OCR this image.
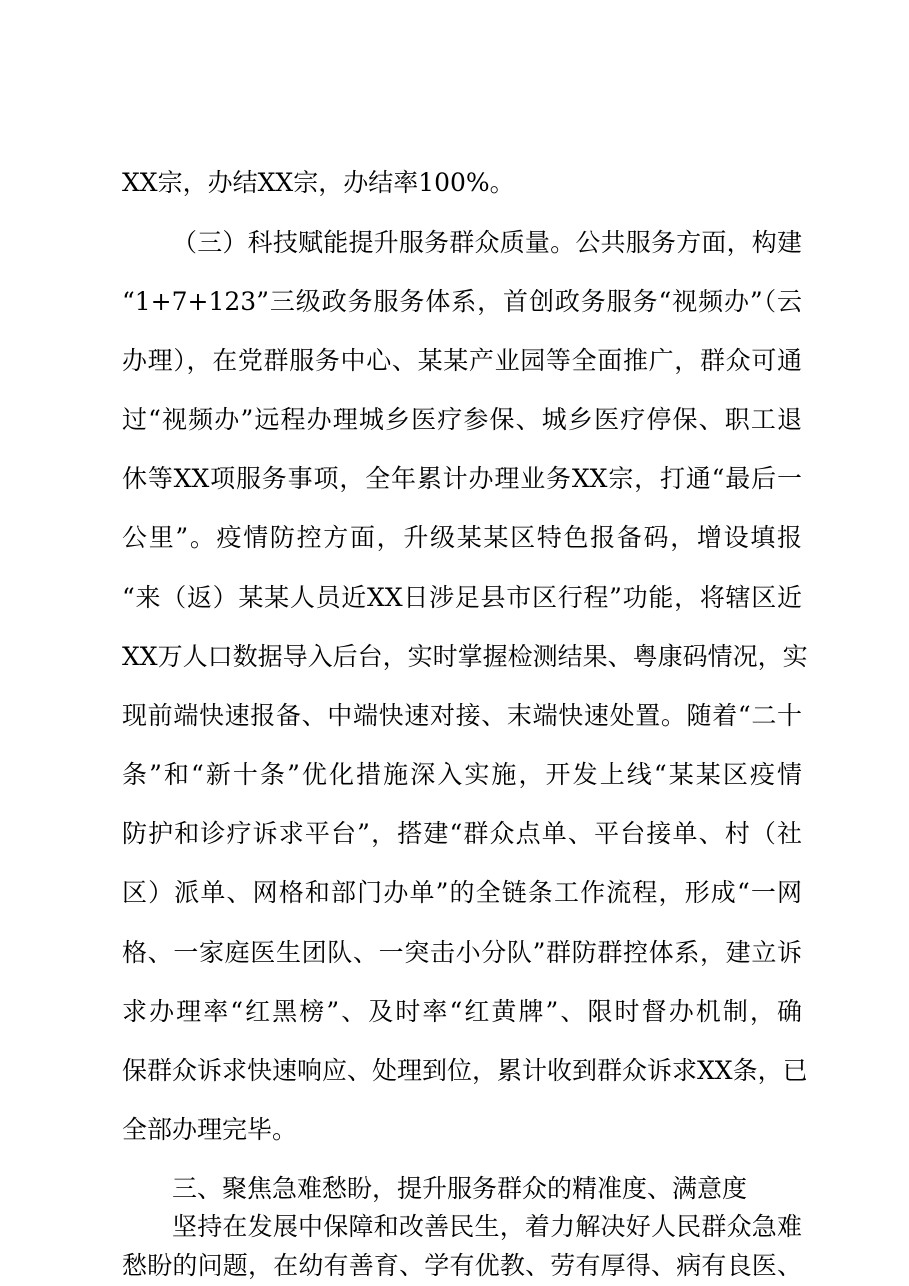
XX宗，办结XX宗，办结率100%。
（三）科技赋能提升服务群众质量。公共服务方面，构建
“1+7+123”三级政务服务体系，首创政务服务“视频办”（云
办理），在党群服务中心、某某产业园等全面推广，群众可通
过“视频办”远程办理城乡医疗参保、城乡医疗停保、职工退
休等XX项服务事项，全年累计办理业务XX宗，打通“最后一
公里”。疫情防控方面，升级某某区特色报备码，增设填报
“来（返）某某人员近XX日涉足县市区行程”功能，将辖区近
XX万人口数据导入后台，实时掌握检测结果、粤康码情况，实
现前端快速报备、中端快速对接、末端快速处置。随着“二十
条”和“新十条”优化措施深入实施，开发上线“某某区疫情
防护和诊疗诉求平台”，搭建“群众点单、平台接单、村（社
区）派单、网格和部门办单”的全链条工作流程，形成“一网
格、一家庭医生团队、一突击小分队”群防群控体系，建立诉
求办理率“红黑榜”、及时率“红黄牌”、限时督办机制，确
保群众诉求快速响应、处理到位，累计收到群众诉求XX条，已
全部办理完毕。
三、聚焦急难愁盼，提升服务群众的精准度、满意度
坚持在发展中保障和改善民生，着力解决好人民群众急难
愁盼的问题，在幼有善育、学有优教、劳有厚得、病有良医、
